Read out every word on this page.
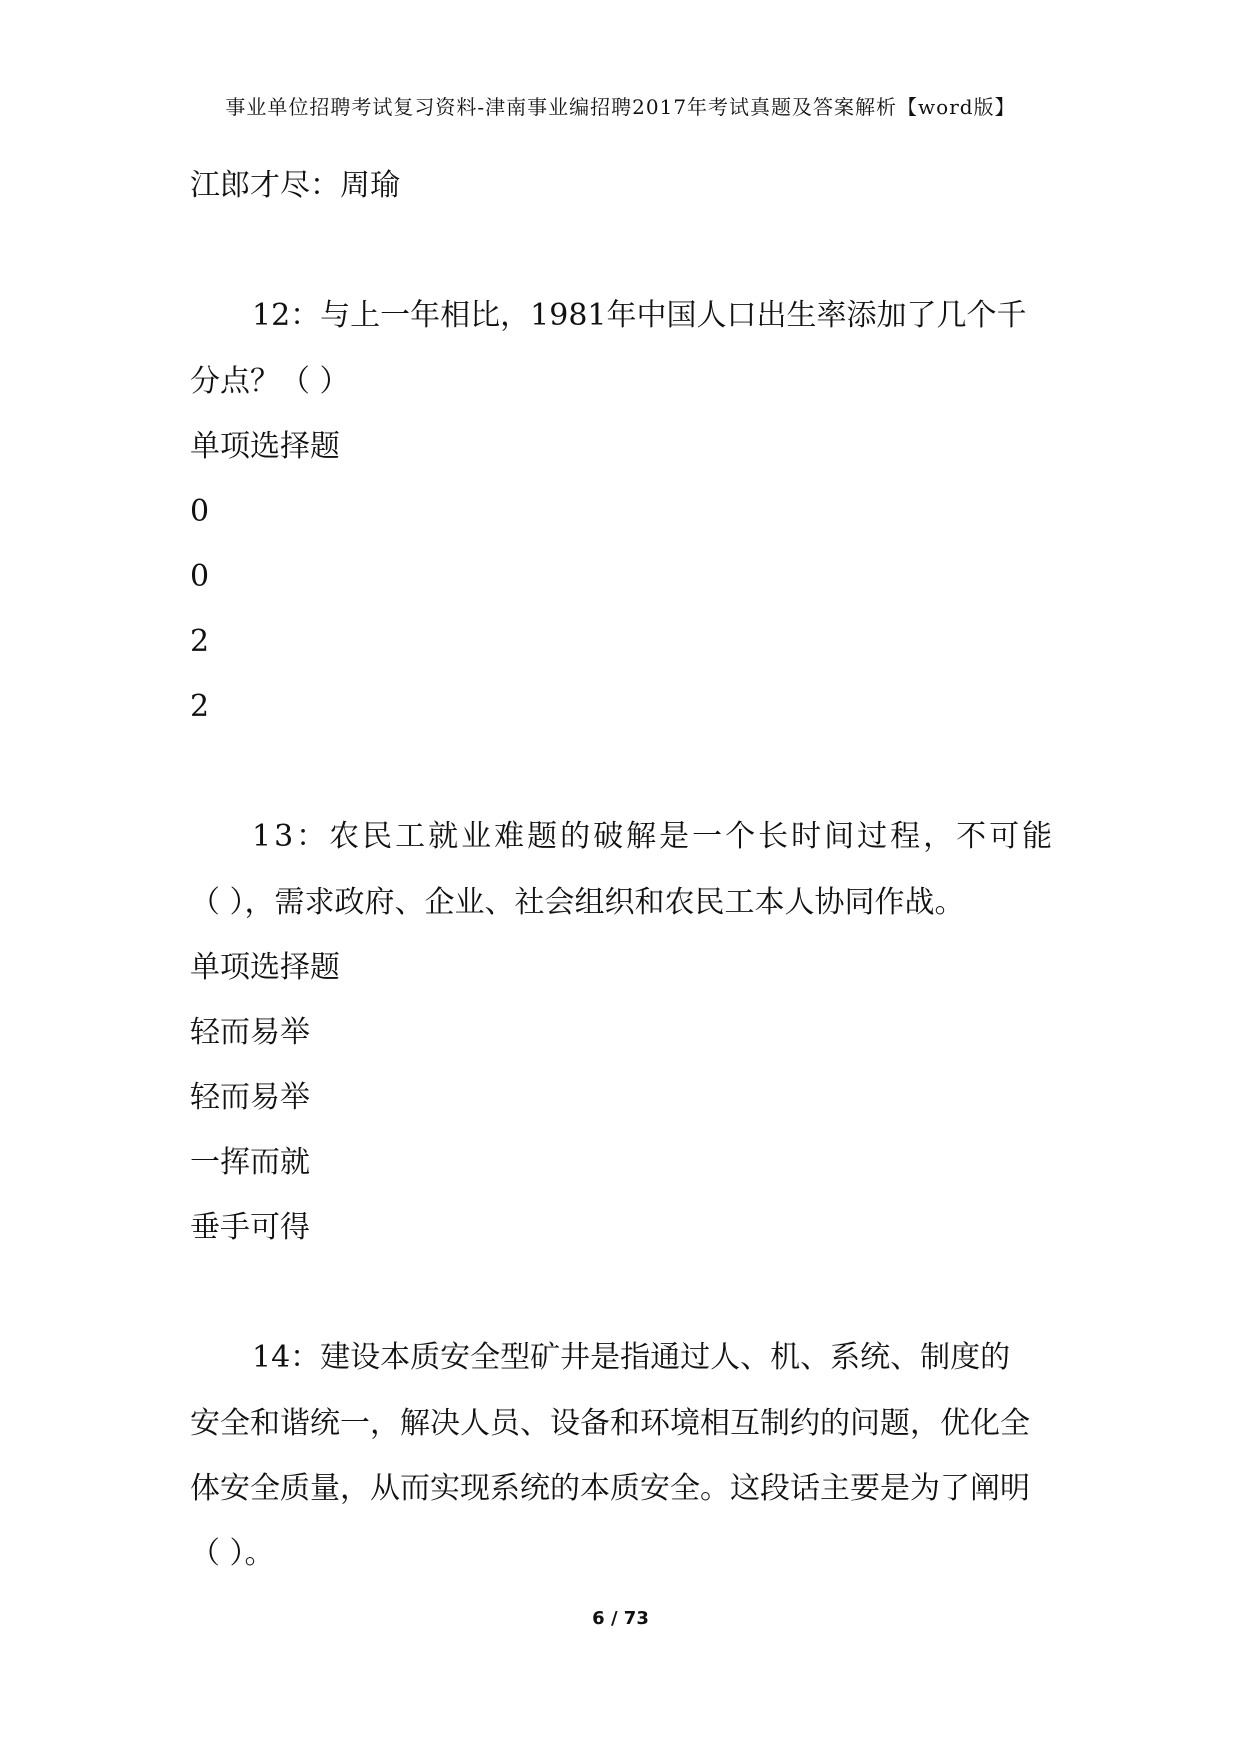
事业单位招聘考试复习资料-津南事业编招聘2017年考试真题及答案解析【word版】
江郎才尽：周瑜
12：与上一年相比，1981年中国人口出生率添加了几个千
分点？（ ）
单项选择题
0
0
2
2
13：农民工就业难题的破解是一个长时间过程，不可能
（ ），需求政府、企业、社会组织和农民工本人协同作战。
单项选择题
轻而易举
轻而易举
一挥而就
垂手可得
14：建设本质安全型矿井是指通过人、机、系统、制度的
安全和谐统一，解决人员、设备和环境相互制约的问题，优化全
体安全质量，从而实现系统的本质安全。这段话主要是为了阐明
（ ）。
6 / 73
